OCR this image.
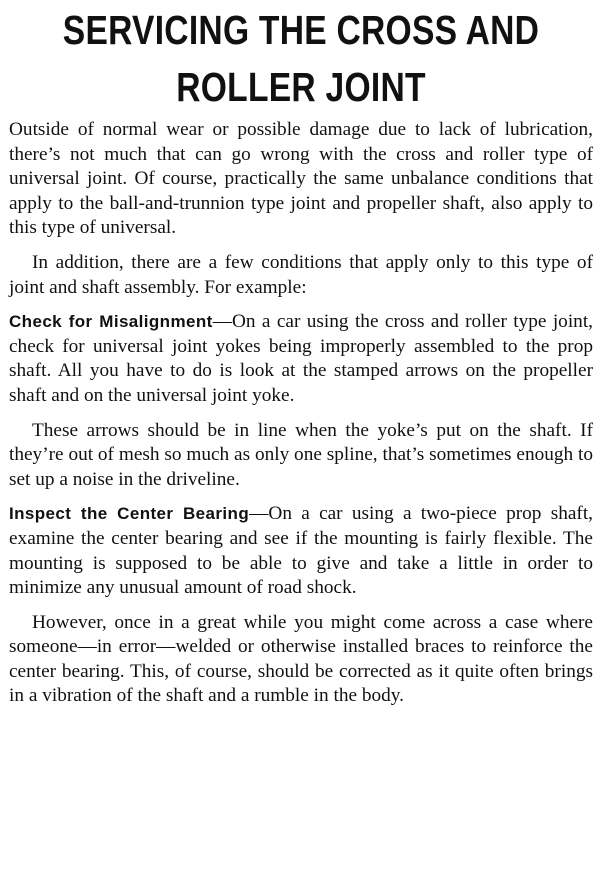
SERVICING THE CROSS AND
ROLLER JOINT

Outside of normal wear or possible damage due to lack of lubrication, there’s not much that can go wrong with the cross and roller type of universal joint. Of course, practically the same unbalance conditions that apply to the ball-and-trunnion type joint and propeller shaft, also apply to this type of universal.

In addition, there are a few conditions that apply only to this type of joint and shaft assembly. For example:

Check for Misalignment—On a car using the cross and roller type joint, check for universal joint yokes being improperly assembled to the prop shaft. All you have to do is look at the stamped arrows on the propeller shaft and on the universal joint yoke.

These arrows should be in line when the yoke’s put on the shaft. If they’re out of mesh so much as only one spline, that’s sometimes enough to set up a noise in the driveline.

Inspect the Center Bearing—On a car using a two-piece prop shaft, examine the center bearing and see if the mounting is fairly flexible. The mounting is supposed to be able to give and take a little in order to minimize any unusual amount of road shock.

However, once in a great while you might come across a case where someone—in error—welded or otherwise installed braces to reinforce the center bearing. This, of course, should be corrected as it quite often brings in a vibration of the shaft and a rumble in the body.
